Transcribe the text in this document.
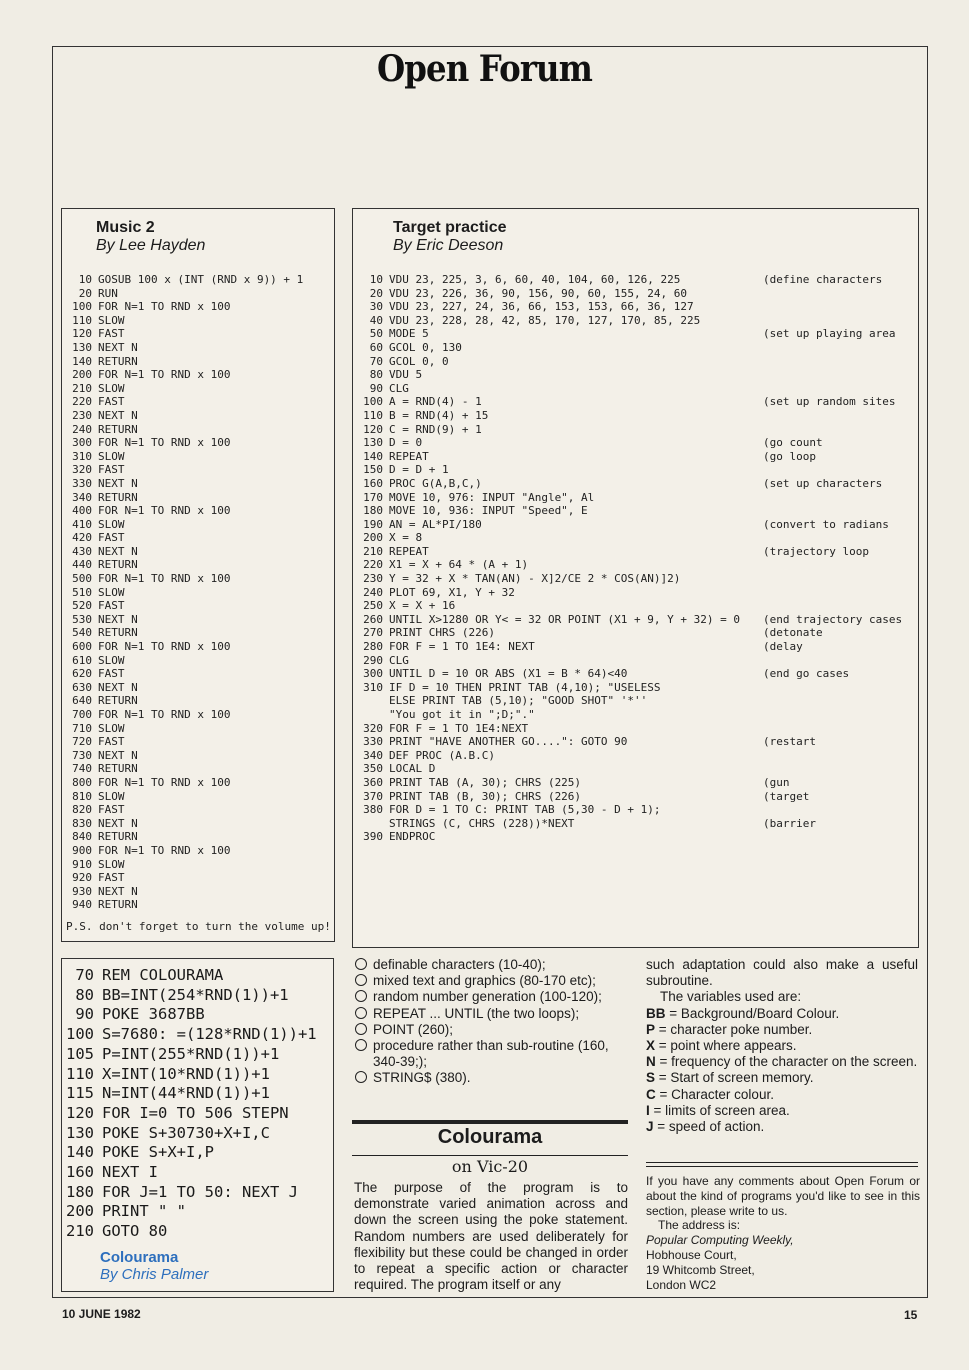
Open Forum
Music 2
By Lee Hayden
10 GOSUB 100 x (INT (RND x 9)) + 1
20 RUN
100 FOR N=1 TO RND x 100
110 SLOW
120 FAST
130 NEXT N
140 RETURN
200 FOR N=1 TO RND x 100
210 SLOW
220 FAST
230 NEXT N
240 RETURN
300 FOR N=1 TO RND x 100
310 SLOW
320 FAST
330 NEXT N
340 RETURN
400 FOR N=1 TO RND x 100
410 SLOW
420 FAST
430 NEXT N
440 RETURN
500 FOR N=1 TO RND x 100
510 SLOW
520 FAST
530 NEXT N
540 RETURN
600 FOR N=1 TO RND x 100
610 SLOW
620 FAST
630 NEXT N
640 RETURN
700 FOR N=1 TO RND x 100
710 SLOW
720 FAST
730 NEXT N
740 RETURN
800 FOR N=1 TO RND x 100
810 SLOW
820 FAST
830 NEXT N
840 RETURN
900 FOR N=1 TO RND x 100
910 SLOW
920 FAST
930 NEXT N
940 RETURN
P.S. don't forget to turn the volume up!
Target practice
By Eric Deeson
10 VDU 23, 225, 3, 6, 60, 40, 104, 60, 126, 225	(define characters
20 VDU 23, 226, 36, 90, 156, 90, 60, 155, 24, 60
30 VDU 23, 227, 24, 36, 66, 153, 153, 66, 36, 127
40 VDU 23, 228, 28, 42, 85, 170, 127, 170, 85, 225
50 MODE 5	(set up playing area
60 GCOL 0, 130
70 GCOL 0, 0
80 VDU 5
90 CLG
100 A = RND(4) - 1	(set up random sites
110 B = RND(4) + 15
120 C = RND(9) + 1
130 D = 0	(go count
140 REPEAT	(go loop
150 D = D + 1
160 PROC G(A,B,C,)	(set up characters
170 MOVE 10, 976: INPUT "Angle", Al
180 MOVE 10, 936: INPUT "Speed", E
190 AN = AL*PI/180	(convert to radians
200 X = 8
210 REPEAT	(trajectory loop
220 X1 = X + 64 * (A + 1)
230 Y = 32 + X * TAN(AN) - X]2/CE 2 * COS(AN)]2)
240 PLOT 69, X1, Y + 32
250 X = X + 16
260 UNTIL X>1280 OR Y< = 32 OR POINT (X1 + 9, Y + 32) = 0 (end trajectory cases
270 PRINT CHRS (226)	(detonate
280 FOR F = 1 TO 1E4: NEXT	(delay
290 CLG
300 UNTIL D = 10 OR ABS (X1 = B * 64)<40	(end go cases
310 IF D = 10 THEN PRINT TAB (4,10); "USELESS
ELSE PRINT TAB (5,10); "GOOD SHOT" '*''
"You got it in ";D;"."
320 FOR F = 1 TO 1E4:NEXT
330 PRINT "HAVE ANOTHER GO....": GOTO 90	(restart
340 DEF PROC (A.B.C)
350 LOCAL D
360 PRINT TAB (A, 30); CHRS (225)	(gun
370 PRINT TAB (B, 30); CHRS (226)	(target
380 FOR D = 1 TO C: PRINT TAB (5,30 - D + 1);
STRINGS (C, CHRS (228))*NEXT	(barrier
390 ENDPROC
70 REM COLOURAMA
80 BB=INT(254*RND(1))+1
90 POKE 3687BB
100 S=7680: =(128*RND(1))+1
105 P=INT(255*RND(1))+1
110 X=INT(10*RND(1))+1
115 N=INT(44*RND(1))+1
120 FOR I=0 TO 506 STEPN
130 POKE S+30730+X+I,C
140 POKE S+X+I,P
160 NEXT I
180 FOR J=1 TO 50: NEXT J
200 PRINT " "
210 GOTO 80
Colourama
By Chris Palmer
definable characters (10-40);
mixed text and graphics (80-170 etc);
random number generation (100-120);
REPEAT ... UNTIL (the two loops);
POINT (260);
procedure rather than sub-routine (160, 340-39;);
STRING$ (380).
Colourama
on Vic-20
The purpose of the program is to demonstrate varied animation across and down the screen using the poke statement. Random numbers are used deliberately for flexibility but these could be changed in order to repeat a specific action or character required. The program itself or any
such adaptation could also make a useful subroutine.
The variables used are:
BB = Background/Board Colour.
P = character poke number.
X = point where appears.
N = frequency of the character on the screen.
S = Start of screen memory.
C = Character colour.
I = limits of screen area.
J = speed of action.
If you have any comments about Open Forum or about the kind of programs you'd like to see in this section, please write to us.
The address is:
Popular Computing Weekly,
Hobhouse Court,
19 Whitcomb Street,
London WC2
10 JUNE 1982	15
